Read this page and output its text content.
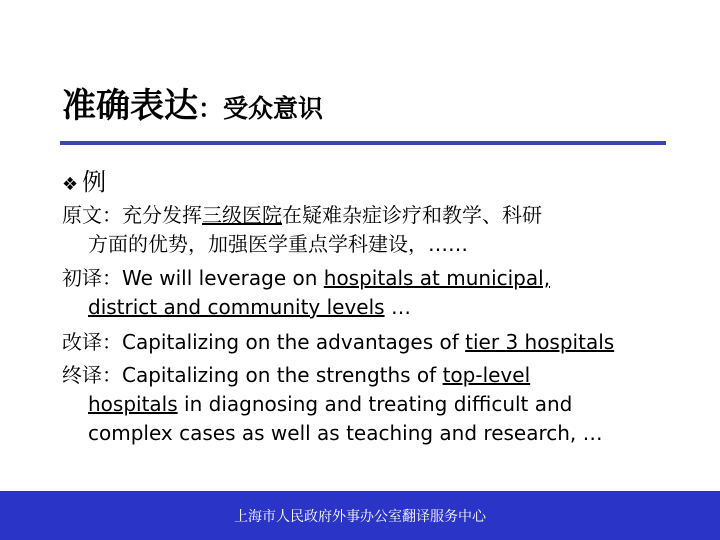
准确表达：受众意识
❖ 例
原文：充分发挥三级医院在疑难杂症诊疗和教学、科研
方面的优势，加强医学重点学科建设，……
初译：We will leverage on hospitals at municipal,
district and community levels …
改译：Capitalizing on the advantages of tier 3 hospitals
终译：Capitalizing on the strengths of top-level
hospitals in diagnosing and treating difficult and
complex cases as well as teaching and research, …
上海市人民政府外事办公室翻译服务中心
